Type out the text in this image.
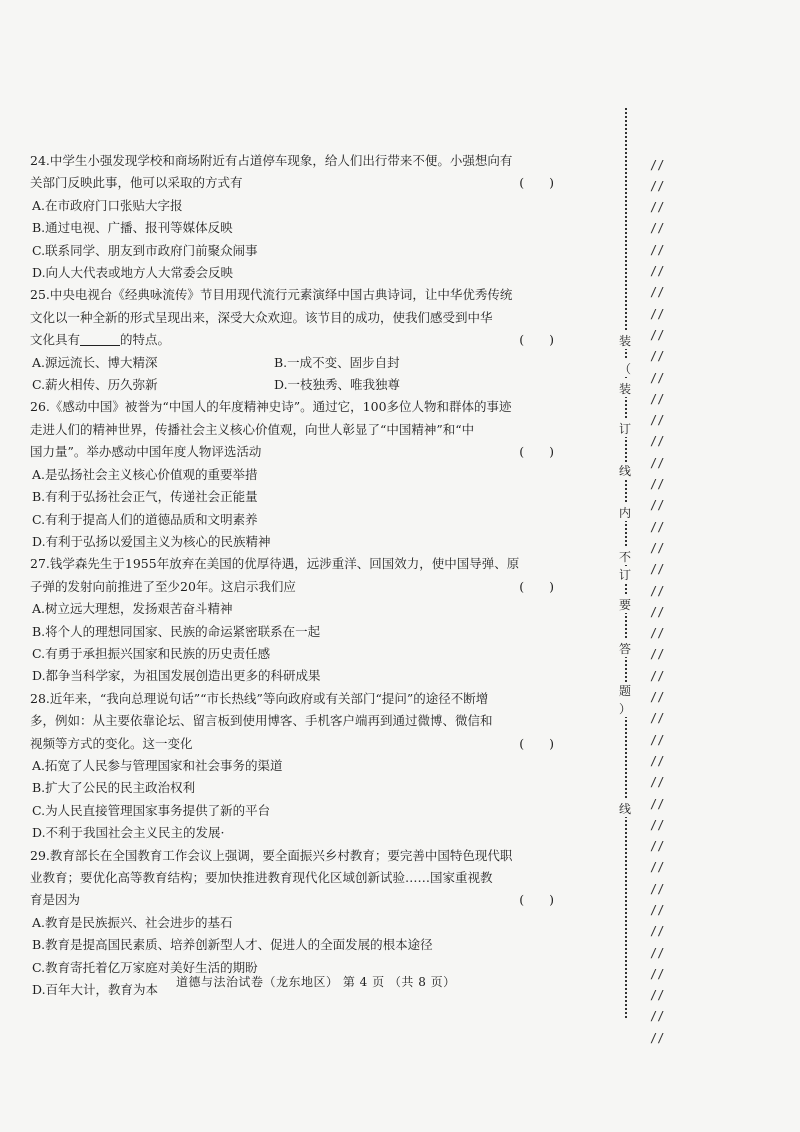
24.中学生小强发现学校和商场附近有占道停车现象，给人们出行带来不便。小强想向有
关部门反映此事，他可以采取的方式有	(　　)
A.在市政府门口张贴大字报
B.通过电视、广播、报刊等媒体反映
C.联系同学、朋友到市政府门前聚众闹事
D.向人大代表或地方人大常委会反映
25.中央电视台《经典咏流传》节目用现代流行元素演绎中国古典诗词，让中华优秀传统
文化以一种全新的形式呈现出来，深受大众欢迎。该节目的成功，使我们感受到中华
文化具有	的特点。	(　　)
A.源远流长、博大精深	B.一成不变、固步自封
C.薪火相传、历久弥新	D.一枝独秀、唯我独尊
26.《感动中国》被誉为“中国人的年度精神史诗”。通过它，100多位人物和群体的事迹
走进人们的精神世界，传播社会主义核心价值观，向世人彰显了“中国精神”和“中
国力量”。举办感动中国年度人物评选活动	(　　)
A.是弘扬社会主义核心价值观的重要举措
B.有利于弘扬社会正气，传递社会正能量
C.有利于提高人们的道德品质和文明素养
D.有利于弘扬以爱国主义为核心的民族精神
27.钱学森先生于1955年放弃在美国的优厚待遇，远涉重洋、回国效力，使中国导弹、原
子弹的发射向前推进了至少20年。这启示我们应	(　　)
A.树立远大理想，发扬艰苦奋斗精神
B.将个人的理想同国家、民族的命运紧密联系在一起
C.有勇于承担振兴国家和民族的历史责任感
D.都争当科学家，为祖国发展创造出更多的科研成果
28.近年来，“我向总理说句话”“市长热线”等向政府或有关部门“提问”的途径不断增
多，例如：从主要依靠论坛、留言板到使用博客、手机客户端再到通过微博、微信和
视频等方式的变化。这一变化	(　　)
A.拓宽了人民参与管理国家和社会事务的渠道
B.扩大了公民的民主政治权利
C.为人民直接管理国家事务提供了新的平台
D.不利于我国社会主义民主的发展·
29.教育部长在全国教育工作会议上强调，要全面振兴乡村教育；要完善中国特色现代职
业教育；要优化高等教育结构；要加快推进教育现代化区域创新试验……国家重视教
育是因为	(　　)
A.教育是民族振兴、社会进步的基石
B.教育是提高国民素质、培养创新型人才、促进人的全面发展的根本途径
C.教育寄托着亿万家庭对美好生活的期盼
D.百年大计，教育为本
道德与法治试卷（龙东地区） 第 4 页 （共 8 页）
装
（
装
订
线
内
不
订
要
答
题
）
线

//
//
//
//
//
//
//
//
//
//
//
//
//
//
//
//
//
//
//
//
//
//
//
//
//
//
//
//
//
//
//
//
//
//
//
//
//
//
//
//
//
//
